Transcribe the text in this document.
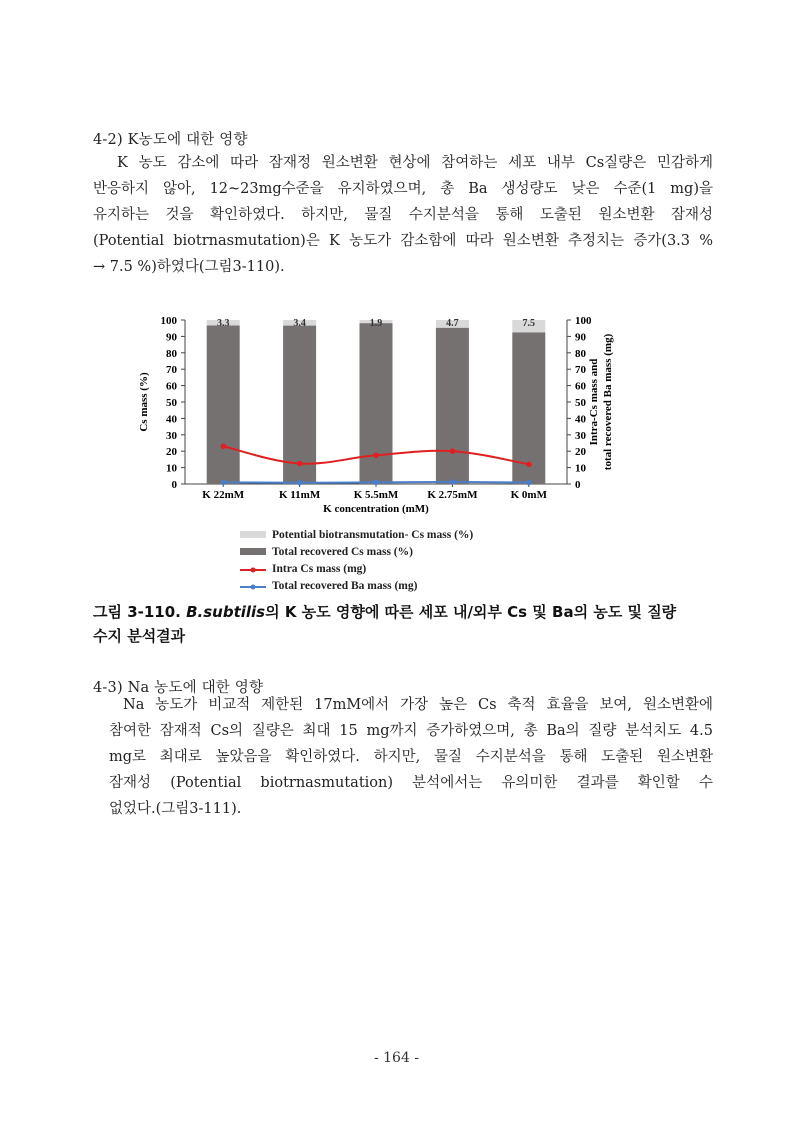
4-2) K농도에 대한 영향
K 농도 감소에 따라 잠재정 원소변환 현상에 참여하는 세포 내부 Cs질량은 민감하게
반응하지 않아, 12~23mg수준을 유지하였으며, 총 Ba 생성량도 낮은 수준(1 mg)을
유지하는 것을 확인하였다. 하지만, 물질 수지분석을 통해 도출된 원소변환 잠재성
(Potential biotrnasmutation)은 K 농도가 감소함에 따라 원소변환 추정치는 증가(3.3 %
→ 7.5 %)하였다(그림3-110).
0	0
10	10
20	20
30	30
40	40
50	50
60	60
70	70
80	80
90	90
100	100
3.3
K 22mM
3.4
K 11mM
1.9
K 5.5mM
4.7
K 2.75mM
7.5
K 0mM
K concentration (mM)
Cs mass (%)	Intra-Cs mass and total recovered Ba mass (mg)
Potential biotransmutation- Cs mass (%)
Total recovered Cs mass (%)
Intra Cs mass (mg)
Total recovered Ba mass (mg)
그림 3-110. B.subtilis의 K 농도 영향에 따른 세포 내/외부 Cs 및 Ba의 농도 및 질량
수지 분석결과
4-3) Na 농도에 대한 영향
Na 농도가 비교적 제한된 17mM에서 가장 높은 Cs 축적 효율을 보여, 원소변환에
참여한 잠재적 Cs의 질량은 최대 15 mg까지 증가하였으며, 총 Ba의 질량 분석치도 4.5
mg로 최대로 높았음을 확인하였다. 하지만, 물질 수지분석을 통해 도출된 원소변환
잠재성 (Potential biotrnasmutation) 분석에서는 유의미한 결과를 확인할 수
없었다.(그림3-111).
- 164 -
